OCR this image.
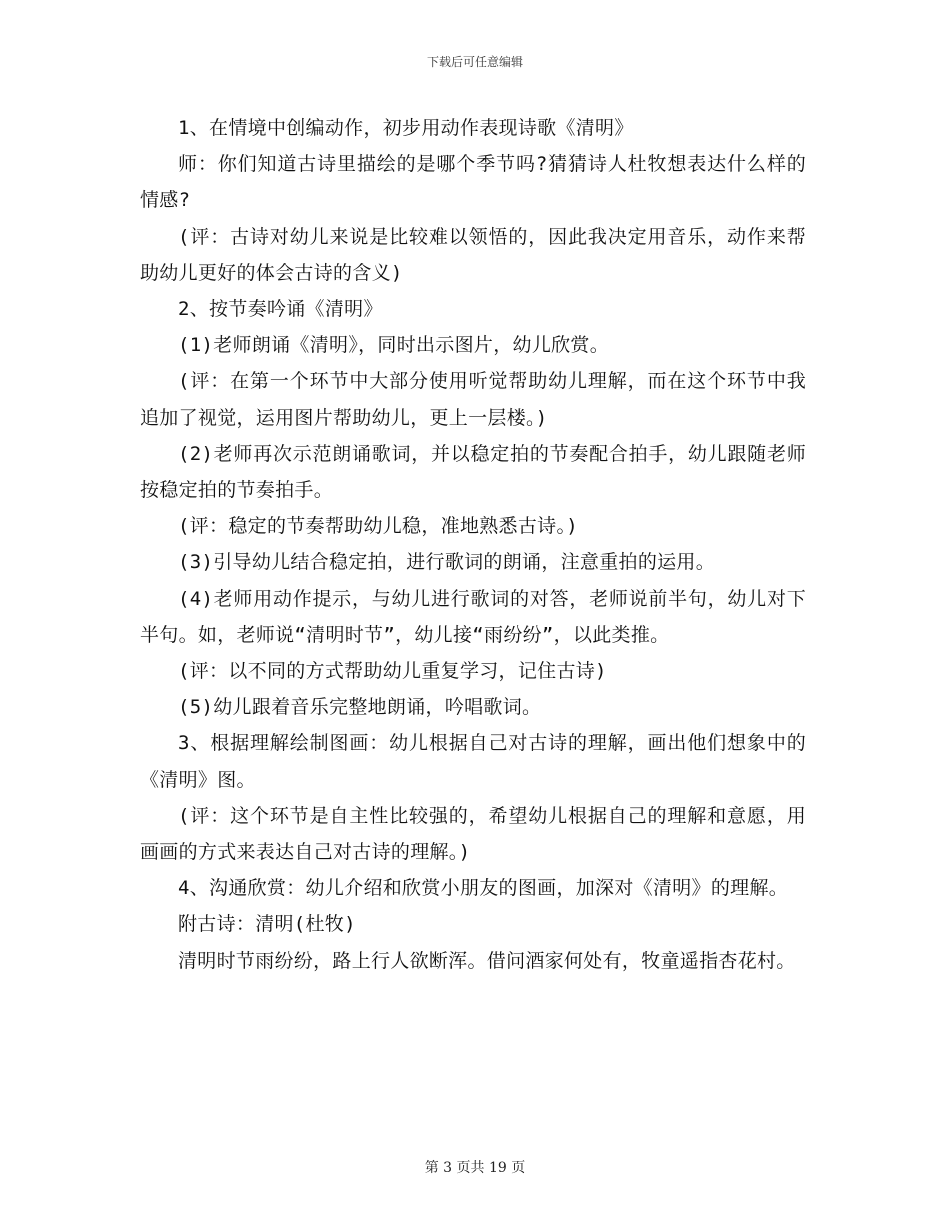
下载后可任意编辑

1、在情境中创编动作，初步用动作表现诗歌《清明》

师：你们知道古诗里描绘的是哪个季节吗?猜猜诗人杜牧想表达什么样的情感?

(评：古诗对幼儿来说是比较难以领悟的，因此我决定用音乐，动作来帮助幼儿更好的体会古诗的含义)

2、按节奏吟诵《清明》

(1)老师朗诵《清明》，同时出示图片，幼儿欣赏。

(评：在第一个环节中大部分使用听觉帮助幼儿理解，而在这个环节中我追加了视觉，运用图片帮助幼儿，更上一层楼。)

(2)老师再次示范朗诵歌词，并以稳定拍的节奏配合拍手，幼儿跟随老师按稳定拍的节奏拍手。

(评：稳定的节奏帮助幼儿稳，准地熟悉古诗。)

(3)引导幼儿结合稳定拍，进行歌词的朗诵，注意重拍的运用。

(4)老师用动作提示，与幼儿进行歌词的对答，老师说前半句，幼儿对下半句。如，老师说“清明时节”，幼儿接“雨纷纷”，以此类推。

(评：以不同的方式帮助幼儿重复学习，记住古诗)

(5)幼儿跟着音乐完整地朗诵，吟唱歌词。

3、根据理解绘制图画：幼儿根据自己对古诗的理解，画出他们想象中的《清明》图。

(评：这个环节是自主性比较强的，希望幼儿根据自己的理解和意愿，用画画的方式来表达自己对古诗的理解。)

4、沟通欣赏：幼儿介绍和欣赏小朋友的图画，加深对《清明》的理解。

附古诗：清明(杜牧)

清明时节雨纷纷，路上行人欲断浑。借问酒家何处有，牧童遥指杏花村。

第 3 页共 19 页
